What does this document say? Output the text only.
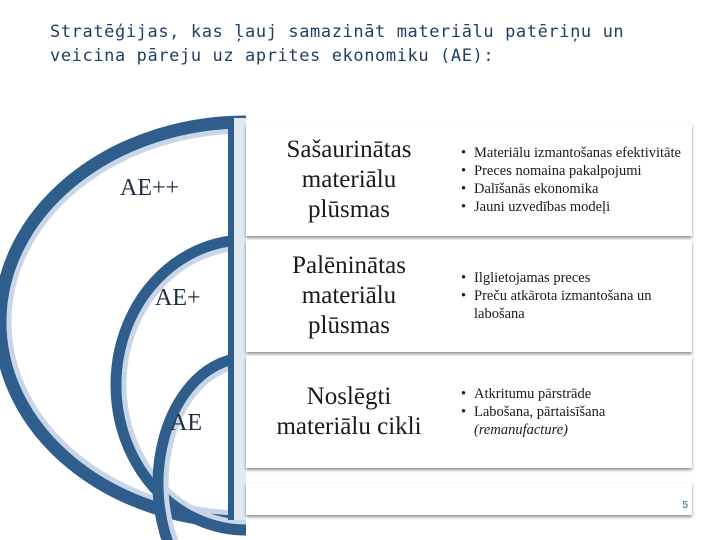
Stratēģijas, kas ļauj samazināt materiālu patēriņu un
veicina pāreju uz aprites ekonomiku (AE):
AE++
AE+
AE
Sašaurinātas
materiālu
plūsmas
• Materiālu izmantošanas efektivitāte
• Preces nomaina pakalpojumi
• Dalīšanās ekonomika
• Jauni uzvedības modeļi
Palēninātas
materiālu
plūsmas
• Ilglietojamas preces
• Preču atkārota izmantošana un labošana
Noslēgti
materiālu cikli
• Atkritumu pārstrāde
• Labošana, pārtaisīšana
(remanufacture)
5
